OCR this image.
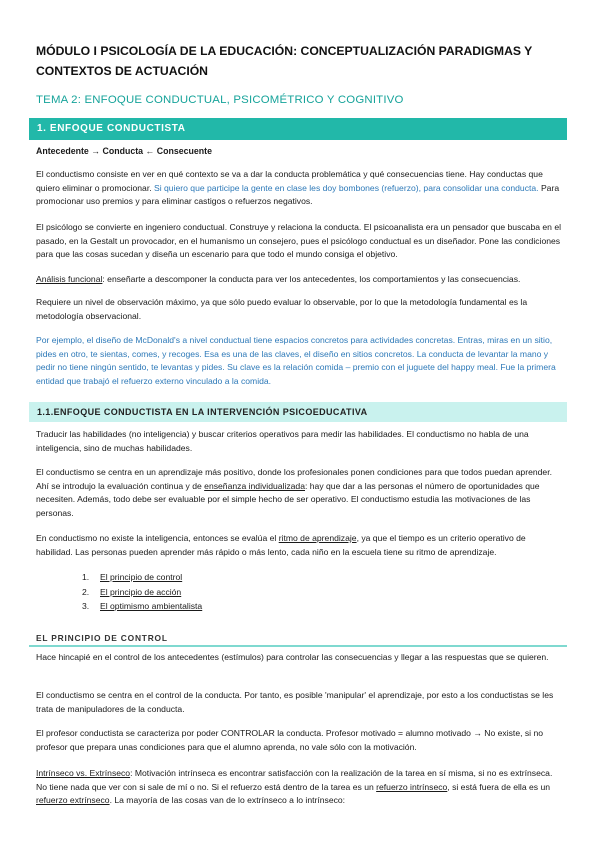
MÓDULO I PSICOLOGÍA DE LA EDUCACIÓN: CONCEPTUALIZACIÓN PARADIGMAS Y CONTEXTOS DE ACTUACIÓN
TEMA 2: ENFOQUE CONDUCTUAL, PSICOMÉTRICO Y COGNITIVO
1. ENFOQUE CONDUCTISTA
Antecedente → Conducta ← Consecuente
El conductismo consiste en ver en qué contexto se va a dar la conducta problemática y qué consecuencias tiene. Hay conductas que quiero eliminar o promocionar. Si quiero que participe la gente en clase les doy bombones (refuerzo), para consolidar una conducta. Para promocionar uso premios y para eliminar castigos o refuerzos negativos.
El psicólogo se convierte en ingeniero conductual. Construye y relaciona la conducta. El psicoanalista era un pensador que buscaba en el pasado, en la Gestalt un provocador, en el humanismo un consejero, pues el psicólogo conductual es un diseñador. Pone las condiciones para que las cosas sucedan y diseña un escenario para que todo el mundo consiga el objetivo.
Análisis funcional: enseñarte a descomponer la conducta para ver los antecedentes, los comportamientos y las consecuencias.
Requiere un nivel de observación máximo, ya que sólo puedo evaluar lo observable, por lo que la metodología fundamental es la metodología observacional.
Por ejemplo, el diseño de McDonald's a nivel conductual tiene espacios concretos para actividades concretas. Entras, miras en un sitio, pides en otro, te sientas, comes, y recoges. Esa es una de las claves, el diseño en sitios concretos. La conducta de levantar la mano y pedir no tiene ningún sentido, te levantas y pides. Su clave es la relación comida – premio con el juguete del happy meal. Fue la primera entidad que trabajó el refuerzo externo vinculado a la comida.
1.1.ENFOQUE CONDUCTISTA EN LA INTERVENCIÓN PSICOEDUCATIVA
Traducir las habilidades (no inteligencia) y buscar criterios operativos para medir las habilidades. El conductismo no habla de una inteligencia, sino de muchas habilidades.
El conductismo se centra en un aprendizaje más positivo, donde los profesionales ponen condiciones para que todos puedan aprender. Ahí se introdujo la evaluación continua y de enseñanza individualizada: hay que dar a las personas el número de oportunidades que necesiten. Además, todo debe ser evaluable por el simple hecho de ser operativo. El conductismo estudia las motivaciones de las personas.
En conductismo no existe la inteligencia, entonces se evalúa el ritmo de aprendizaje, ya que el tiempo es un criterio operativo de habilidad. Las personas pueden aprender más rápido o más lento, cada niño en la escuela tiene su ritmo de aprendizaje.
1. El principio de control
2. El principio de acción
3. El optimismo ambientalista
EL PRINCIPIO DE CONTROL
Hace hincapié en el control de los antecedentes (estímulos) para controlar las consecuencias y llegar a las respuestas que se quieren.
El conductismo se centra en el control de la conducta. Por tanto, es posible 'manipular' el aprendizaje, por esto a los conductistas se les trata de manipuladores de la conducta.
El profesor conductista se caracteriza por poder CONTROLAR la conducta. Profesor motivado = alumno motivado → No existe, si no profesor que prepara unas condiciones para que el alumno aprenda, no vale sólo con la motivación.
Intrínseco vs. Extrínseco: Motivación intrínseca es encontrar satisfacción con la realización de la tarea en sí misma, si no es extrínseca. No tiene nada que ver con si sale de mí o no. Si el refuerzo está dentro de la tarea es un refuerzo intrínseco, si está fuera de ella es un refuerzo extrínseco. La mayoría de las cosas van de lo extrínseco a lo intrínseco:
